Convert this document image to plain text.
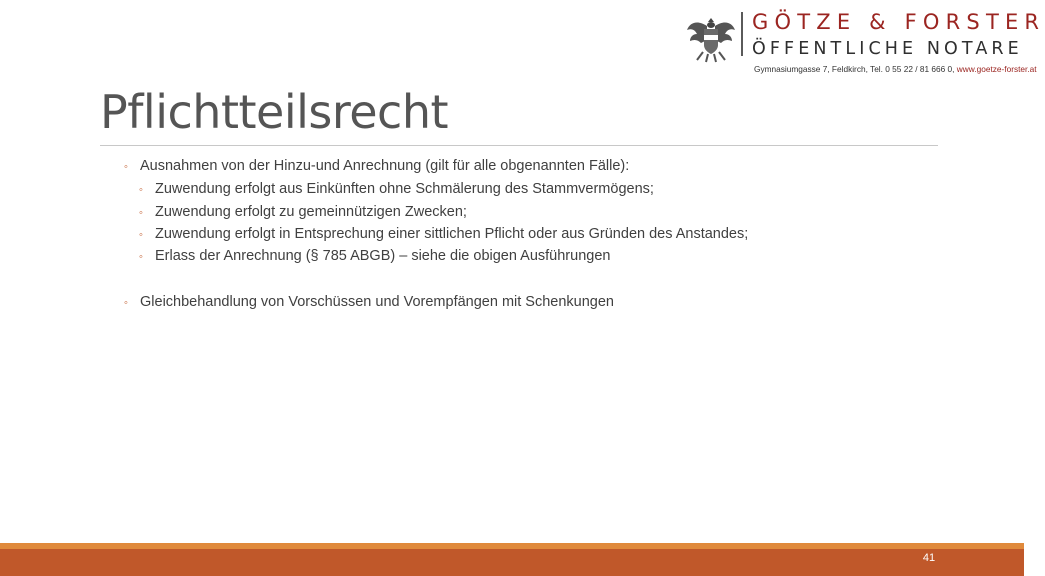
GÖTZE & FORSTER
ÖFFENTLICHE NOTARE
Gymnasiumgasse 7, Feldkirch, Tel. 0 55 22 / 81 666 0, www.goetze-forster.at
Pflichtteilsrecht
◦ Ausnahmen von der Hinzu-und Anrechnung (gilt für alle obgenannten Fälle):
◦ Zuwendung erfolgt aus Einkünften ohne Schmälerung des Stammvermögens;
◦ Zuwendung erfolgt zu gemeinnützigen Zwecken;
◦ Zuwendung erfolgt in Entsprechung einer sittlichen Pflicht oder aus Gründen des Anstandes;
◦ Erlass der Anrechnung (§ 785 ABGB) – siehe die obigen Ausführungen
◦ Gleichbehandlung von Vorschüssen und Vorempfängen mit Schenkungen
41
